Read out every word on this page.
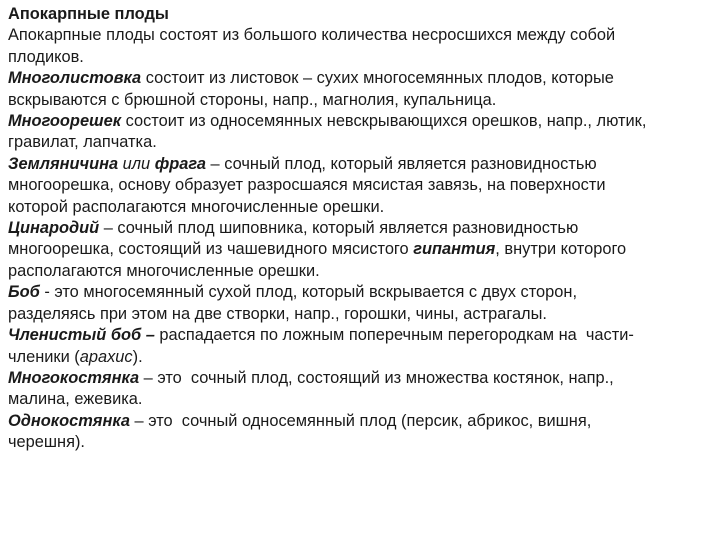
Апокарпные плоды
Апокарпные плоды состоят из большого количества несросшихся между собой
плодиков.
Многолистовка состоит из листовок – сухих многосемянных плодов, которые
вскрываются с брюшной стороны, напр., магнолия, купальница.
Многоорешек состоит из односемянных невскрывающихся орешков, напр., лютик,
гравилат, лапчатка.
Земляничина или фрага – сочный плод, который является разновидностью
многоорешка, основу образует разросшаяся мясистая завязь, на поверхности
которой располагаются многочисленные орешки.
Цинародий – сочный плод шиповника, который является разновидностью
многоорешка, состоящий из чашевидного мясистого гипантия, внутри которого
располагаются многочисленные орешки.
Боб - это многосемянный сухой плод, который вскрывается с двух сторон,
разделяясь при этом на две створки, напр., горошки, чины, астрагалы.
Членистый боб – распадается по ложным поперечным перегородкам на  части-
членики (арахис).
Многокостянка – это  сочный плод, состоящий из множества костянок, напр.,
малина, ежевика.
Однокостянка – это  сочный односемянный плод (персик, абрикос, вишня,
черешня).
